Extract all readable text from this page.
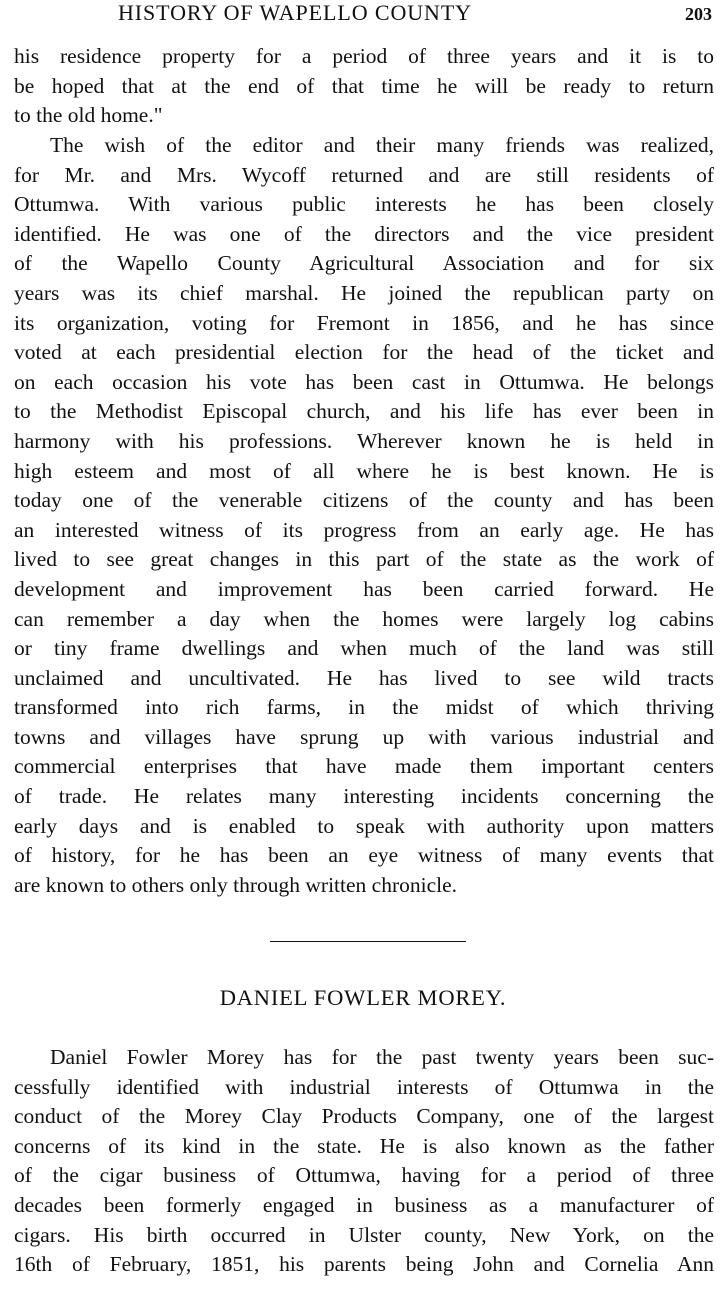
HISTORY OF WAPELLO COUNTY	203
his residence property for a period of three years and it is to
be hoped that at the end of that time he will be ready to return
to the old home."
The wish of the editor and their many friends was realized,
for Mr. and Mrs. Wycoff returned and are still residents of
Ottumwa. With various public interests he has been closely
identified. He was one of the directors and the vice president
of the Wapello County Agricultural Association and for six
years was its chief marshal. He joined the republican party on
its organization, voting for Fremont in 1856, and he has since
voted at each presidential election for the head of the ticket and
on each occasion his vote has been cast in Ottumwa. He belongs
to the Methodist Episcopal church, and his life has ever been in
harmony with his professions. Wherever known he is held in
high esteem and most of all where he is best known. He is
today one of the venerable citizens of the county and has been
an interested witness of its progress from an early age. He has
lived to see great changes in this part of the state as the work of
development and improvement has been carried forward. He
can remember a day when the homes were largely log cabins
or tiny frame dwellings and when much of the land was still
unclaimed and uncultivated. He has lived to see wild tracts
transformed into rich farms, in the midst of which thriving
towns and villages have sprung up with various industrial and
commercial enterprises that have made them important centers
of trade. He relates many interesting incidents concerning the
early days and is enabled to speak with authority upon matters
of history, for he has been an eye witness of many events that
are known to others only through written chronicle.
DANIEL FOWLER MOREY.
Daniel Fowler Morey has for the past twenty years been suc-
cessfully identified with industrial interests of Ottumwa in the
conduct of the Morey Clay Products Company, one of the largest
concerns of its kind in the state. He is also known as the father
of the cigar business of Ottumwa, having for a period of three
decades been formerly engaged in business as a manufacturer of
cigars. His birth occurred in Ulster county, New York, on the
16th of February, 1851, his parents being John and Cornelia Ann
